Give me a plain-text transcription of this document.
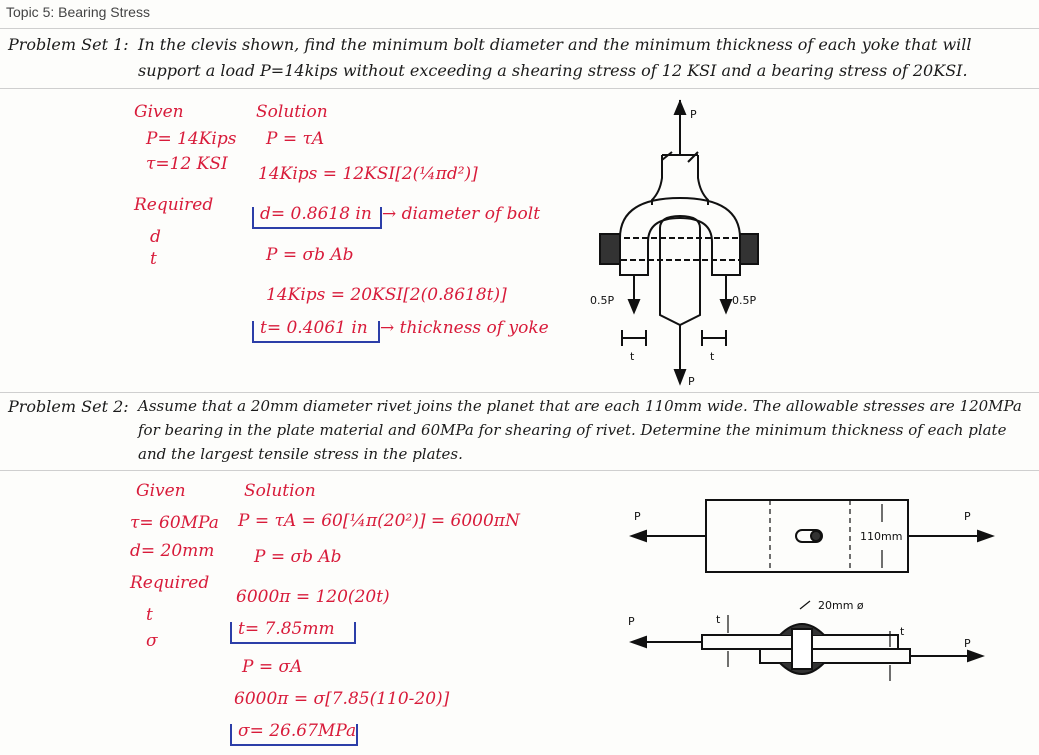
Topic 5: Bearing Stress
Problem Set 1: In the clevis shown, find the minimum bolt diameter and the minimum thickness of each yoke that will
support a load P=14kips without exceeding a shearing stress of 12 KSI and a bearing stress of 20KSI.
Given
P= 14Kips
τ=12 KSI
Required
d
t
Solution
P = τA
14Kips = 12KSI[2(¼πd²)]
d= 0.8618 in → diameter of bolt
P = σb Ab
14Kips = 20KSI[2(0.8618t)]
t= 0.4061 in → thickness of yoke
P
P
0.5P	0.5P
t	t
Problem Set 2: Assume that a 20mm diameter rivet joins the planet that are each 110mm wide. The allowable stresses are 120MPa
for bearing in the plate material and 60MPa for shearing of rivet. Determine the minimum thickness of each plate
and the largest tensile stress in the plates.
Given
τ= 60MPa
d= 20mm
Required
t
σ
Solution
P = τA = 60[¼π(20²)] = 6000πN
P = σb Ab
6000π = 120(20t)
t= 7.85mm
P = σA
6000π = σ[7.85(110-20)]
σ= 26.67MPa
110mm
P	P
20mm ø
t
t
P
P
